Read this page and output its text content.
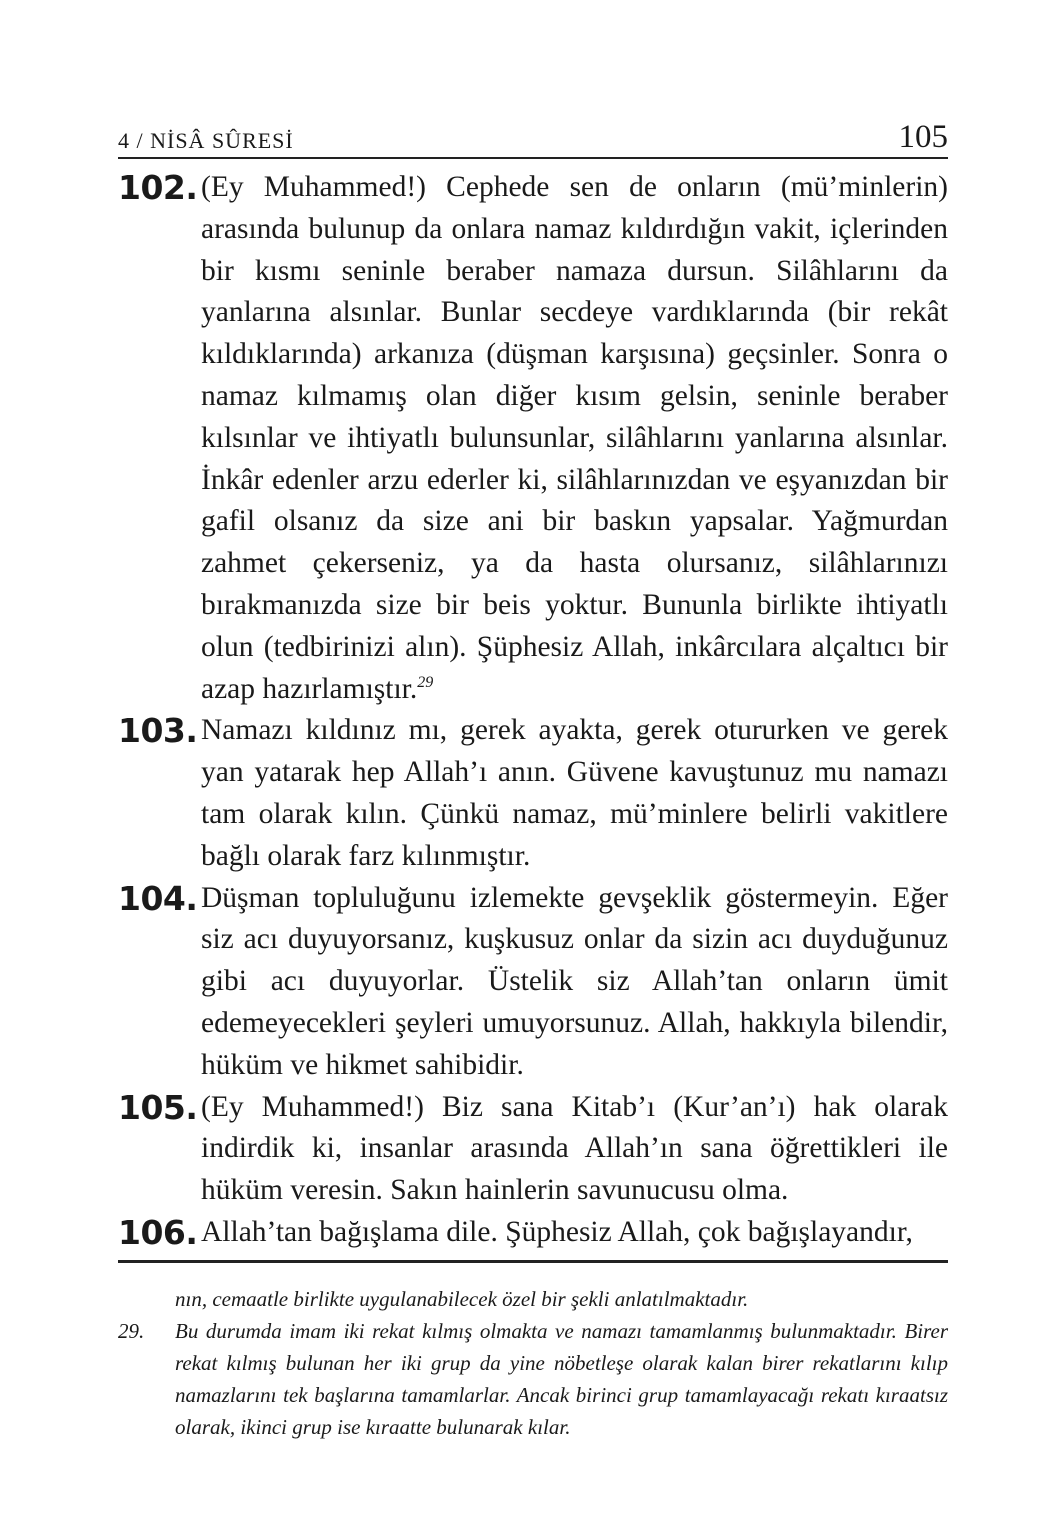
4 / NİSÂ SÛRESİ	105
102. (Ey Muhammed!) Cephede sen de onların (mü’minlerin) arasında bulunup da onlara namaz kıldırdığın vakit, içlerinden bir kısmı seninle beraber namaza dursun. Silâhlarını da yanlarına alsınlar. Bunlar secdeye vardıklarında (bir rekât kıldıklarında) arkanıza (düşman karşısına) geçsinler. Sonra o namaz kılmamış olan diğer kısım gelsin, seninle beraber kılsınlar ve ihtiyatlı bulunsunlar, silâhlarını yanlarına alsınlar. İnkâr edenler arzu ederler ki, silâhlarınızdan ve eşyanızdan bir gafil olsanız da size ani bir baskın yapsalar. Yağmurdan zahmet çekerseniz, ya da hasta olursanız, silâhlarınızı bırakmanızda size bir beis yoktur. Bununla birlikte ihtiyatlı olun (tedbirinizi alın). Şüphesiz Allah, inkârcılara alçaltıcı bir azap hazırlamıştır.$^{29}$
103. Namazı kıldınız mı, gerek ayakta, gerek otururken ve gerek yan yatarak hep Allah’ı anın. Güvene kavuştunuz mu namazı tam olarak kılın. Çünkü namaz, mü’minlere belirli vakitlere bağlı olarak farz kılınmıştır.
104. Düşman topluluğunu izlemekte gevşeklik göstermeyin. Eğer siz acı duyuyorsanız, kuşkusuz onlar da sizin acı duyduğunuz gibi acı duyuyorlar. Üstelik siz Allah’tan onların ümit edemeyecekleri şeyleri umuyorsunuz. Allah, hakkıyla bilendir, hüküm ve hikmet sahibidir.
105. (Ey Muhammed!) Biz sana Kitab’ı (Kur’an’ı) hak olarak indirdik ki, insanlar arasında Allah’ın sana öğrettikleri ile hüküm veresin. Sakın hainlerin savunucusu olma.
106. Allah’tan bağışlama dile. Şüphesiz Allah, çok bağışlayandır,
nın, cemaatle birlikte uygulanabilecek özel bir şekli anlatılmaktadır.
29. Bu durumda imam iki rekat kılmış olmakta ve namazı tamamlanmış bulunmaktadır. Birer rekat kılmış bulunan her iki grup da yine nöbetleşe olarak kalan birer rekatlarını kılıp namazlarını tek başlarına tamamlarlar. Ancak birinci grup tamamlayacağı rekatı kıraatsız olarak, ikinci grup ise kıraatte bulunarak kılar.
